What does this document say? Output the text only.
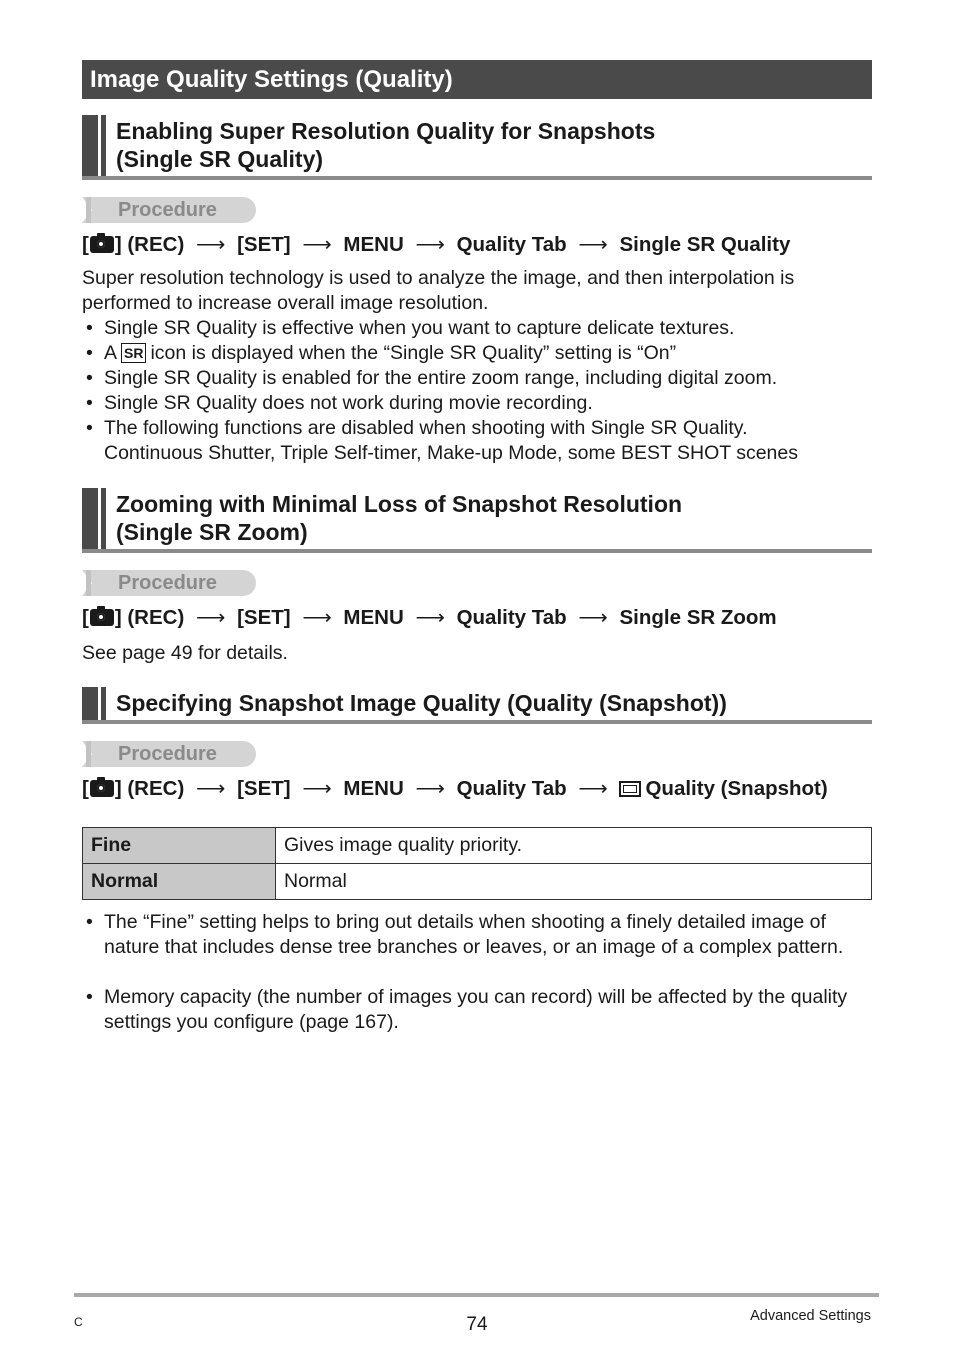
Image Quality Settings (Quality)
Enabling Super Resolution Quality for Snapshots
(Single SR Quality)
Procedure
[ ] (REC) ⟶ [SET] ⟶ MENU ⟶ Quality Tab ⟶ Single SR Quality
Super resolution technology is used to analyze the image, and then interpolation is performed to increase overall image resolution.
• Single SR Quality is effective when you want to capture delicate textures.
• A SR icon is displayed when the “Single SR Quality” setting is “On”
• Single SR Quality is enabled for the entire zoom range, including digital zoom.
• Single SR Quality does not work during movie recording.
• The following functions are disabled when shooting with Single SR Quality.
Continuous Shutter, Triple Self-timer, Make-up Mode, some BEST SHOT scenes
Zooming with Minimal Loss of Snapshot Resolution
(Single SR Zoom)
Procedure
[ ] (REC) ⟶ [SET] ⟶ MENU ⟶ Quality Tab ⟶ Single SR Zoom
See page 49 for details.
Specifying Snapshot Image Quality (Quality (Snapshot))
Procedure
[ ] (REC) ⟶ [SET] ⟶ MENU ⟶ Quality Tab ⟶ Quality (Snapshot)
Fine	Gives image quality priority.
Normal	Normal
• The “Fine” setting helps to bring out details when shooting a finely detailed image of nature that includes dense tree branches or leaves, or an image of a complex pattern.
• Memory capacity (the number of images you can record) will be affected by the quality settings you configure (page 167).
C	74	Advanced Settings
